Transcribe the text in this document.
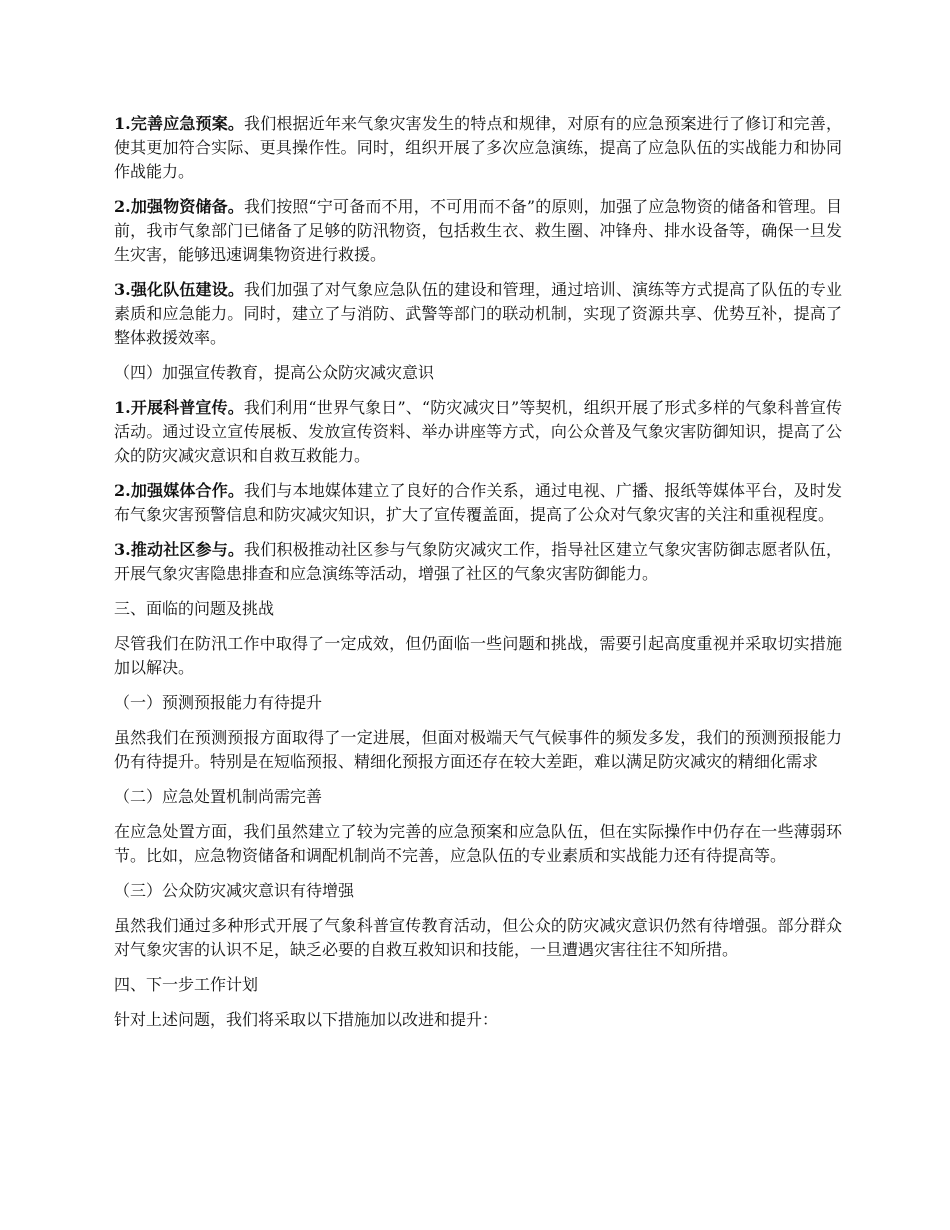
1.完善应急预案。我们根据近年来气象灾害发生的特点和规律，对原有的应急预案进行了修订和完善，使其更加符合实际、更具操作性。同时，组织开展了多次应急演练，提高了应急队伍的实战能力和协同作战能力。

2.加强物资储备。我们按照“宁可备而不用，不可用而不备”的原则，加强了应急物资的储备和管理。目前，我市气象部门已储备了足够的防汛物资，包括救生衣、救生圈、冲锋舟、排水设备等，确保一旦发生灾害，能够迅速调集物资进行救援。

3.强化队伍建设。我们加强了对气象应急队伍的建设和管理，通过培训、演练等方式提高了队伍的专业素质和应急能力。同时，建立了与消防、武警等部门的联动机制，实现了资源共享、优势互补，提高了整体救援效率。

（四）加强宣传教育，提高公众防灾减灾意识

1.开展科普宣传。我们利用“世界气象日”、“防灾减灾日”等契机，组织开展了形式多样的气象科普宣传活动。通过设立宣传展板、发放宣传资料、举办讲座等方式，向公众普及气象灾害防御知识，提高了公众的防灾减灾意识和自救互救能力。

2.加强媒体合作。我们与本地媒体建立了良好的合作关系，通过电视、广播、报纸等媒体平台，及时发布气象灾害预警信息和防灾减灾知识，扩大了宣传覆盖面，提高了公众对气象灾害的关注和重视程度。

3.推动社区参与。我们积极推动社区参与气象防灾减灾工作，指导社区建立气象灾害防御志愿者队伍，开展气象灾害隐患排查和应急演练等活动，增强了社区的气象灾害防御能力。

三、面临的问题及挑战

尽管我们在防汛工作中取得了一定成效，但仍面临一些问题和挑战，需要引起高度重视并采取切实措施加以解决。

（一）预测预报能力有待提升

虽然我们在预测预报方面取得了一定进展，但面对极端天气气候事件的频发多发，我们的预测预报能力仍有待提升。特别是在短临预报、精细化预报方面还存在较大差距，难以满足防灾减灾的精细化需求

（二）应急处置机制尚需完善

在应急处置方面，我们虽然建立了较为完善的应急预案和应急队伍，但在实际操作中仍存在一些薄弱环节。比如，应急物资储备和调配机制尚不完善，应急队伍的专业素质和实战能力还有待提高等。

（三）公众防灾减灾意识有待增强

虽然我们通过多种形式开展了气象科普宣传教育活动，但公众的防灾减灾意识仍然有待增强。部分群众对气象灾害的认识不足，缺乏必要的自救互救知识和技能，一旦遭遇灾害往往不知所措。

四、下一步工作计划

针对上述问题，我们将采取以下措施加以改进和提升：
